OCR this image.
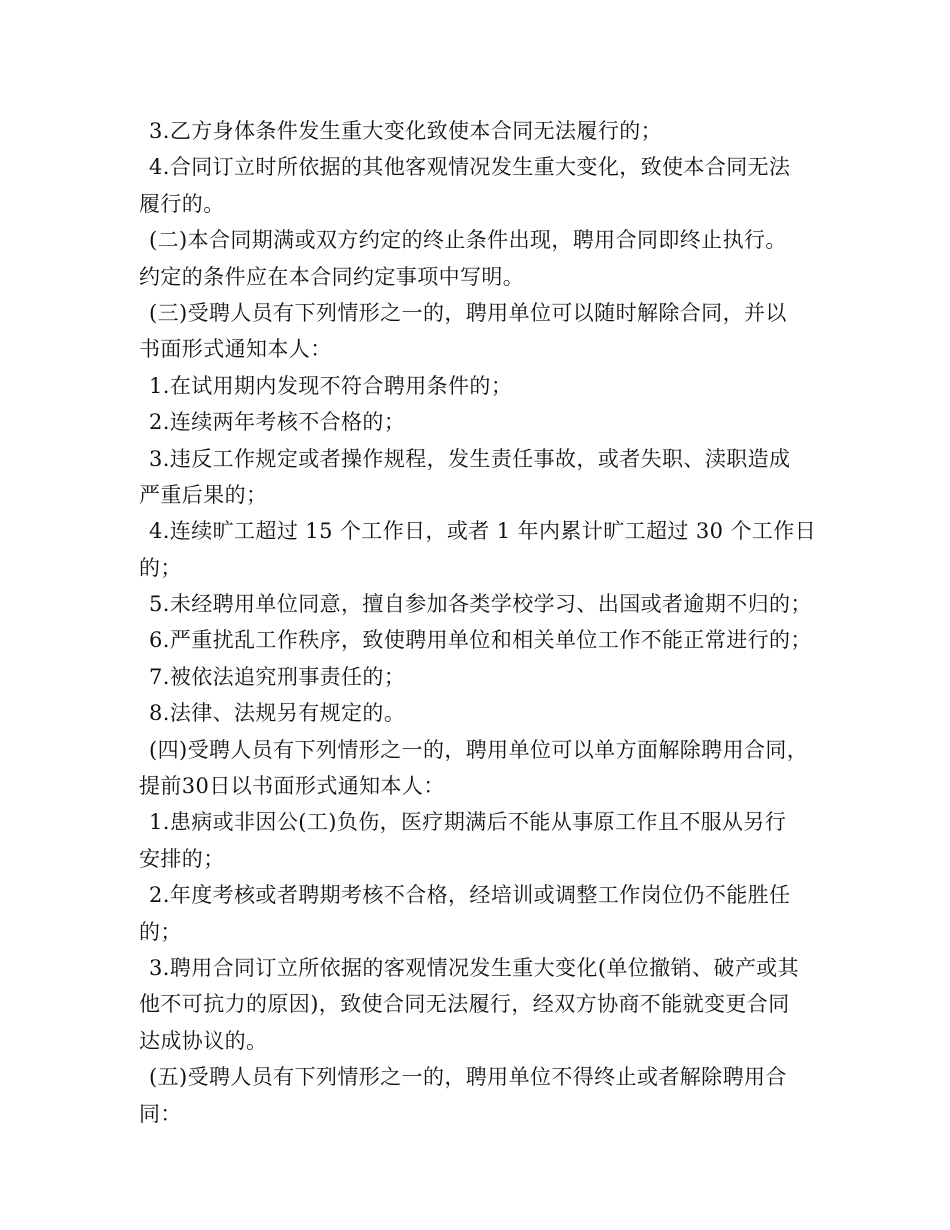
3.乙方身体条件发生重大变化致使本合同无法履行的；
4.合同订立时所依据的其他客观情况发生重大变化，致使本合同无法
履行的。
(二)本合同期满或双方约定的终止条件出现，聘用合同即终止执行。
约定的条件应在本合同约定事项中写明。
(三)受聘人员有下列情形之一的，聘用单位可以随时解除合同，并以
书面形式通知本人：
1.在试用期内发现不符合聘用条件的；
2.连续两年考核不合格的；
3.违反工作规定或者操作规程，发生责任事故，或者失职、渎职造成
严重后果的；
4.连续旷工超过 15 个工作日，或者 1 年内累计旷工超过 30 个工作日
的；
5.未经聘用单位同意，擅自参加各类学校学习、出国或者逾期不归的；
6.严重扰乱工作秩序，致使聘用单位和相关单位工作不能正常进行的；
7.被依法追究刑事责任的；
8.法律、法规另有规定的。
(四)受聘人员有下列情形之一的，聘用单位可以单方面解除聘用合同，
提前30日以书面形式通知本人：
1.患病或非因公(工)负伤，医疗期满后不能从事原工作且不服从另行
安排的；
2.年度考核或者聘期考核不合格，经培训或调整工作岗位仍不能胜任
的；
3.聘用合同订立所依据的客观情况发生重大变化(单位撤销、破产或其
他不可抗力的原因)，致使合同无法履行，经双方协商不能就变更合同
达成协议的。
(五)受聘人员有下列情形之一的，聘用单位不得终止或者解除聘用合
同：
